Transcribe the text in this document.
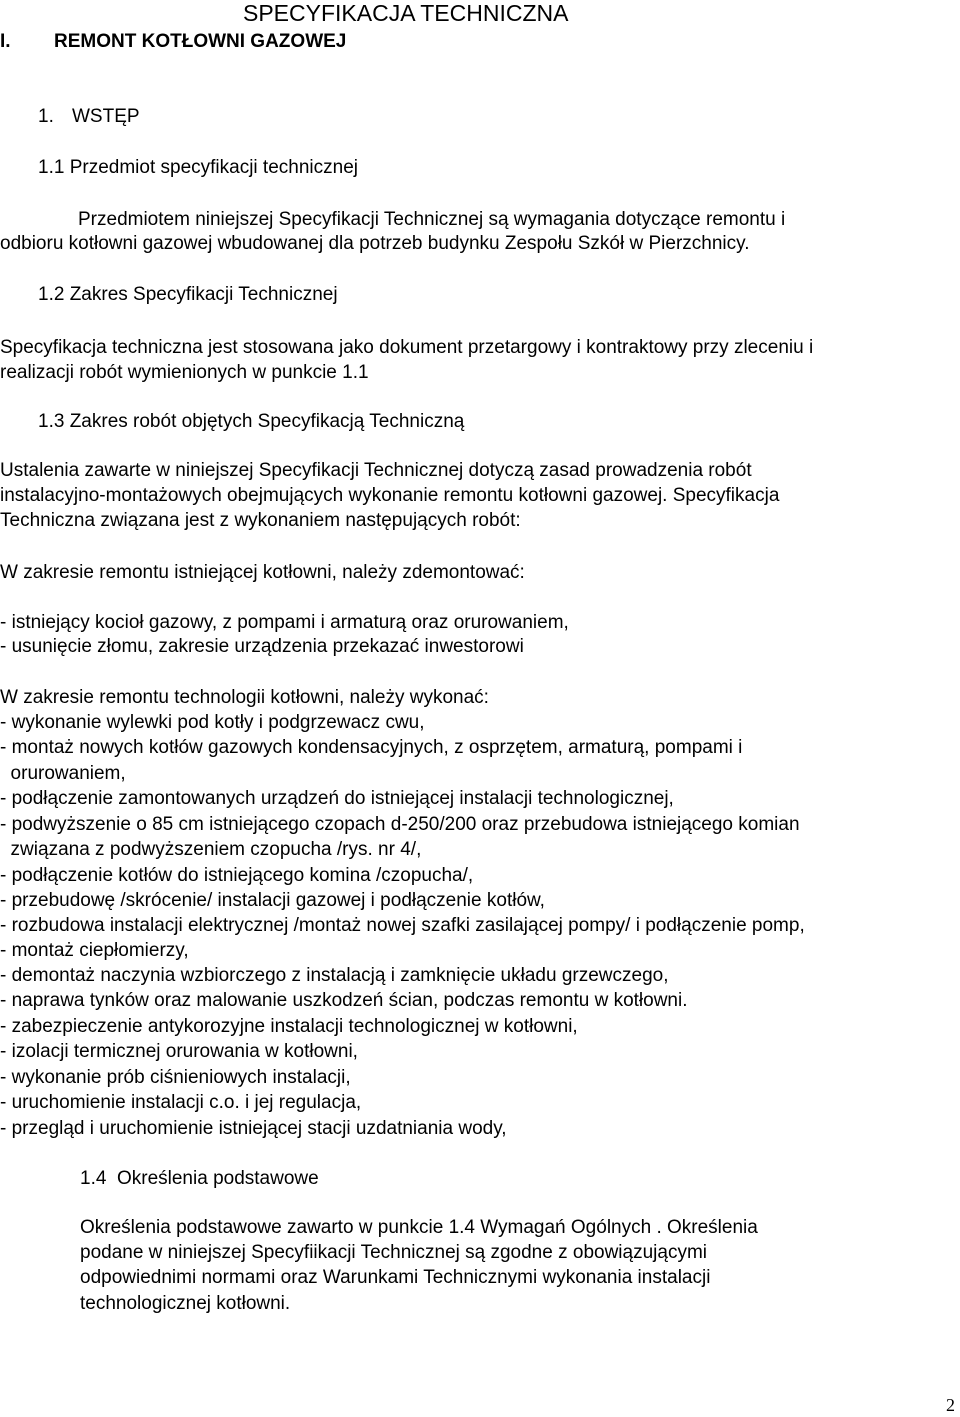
SPECYFIKACJA TECHNICZNA
I. REMONT KOTŁOWNI GAZOWEJ
1. WSTĘP
1.1 Przedmiot specyfikacji technicznej
Przedmiotem niniejszej Specyfikacji Technicznej są wymagania dotyczące remontu i
odbioru kotłowni gazowej wbudowanej dla potrzeb budynku Zespołu Szkół w Pierzchnicy.
1.2 Zakres Specyfikacji Technicznej
Specyfikacja techniczna jest stosowana jako dokument przetargowy i kontraktowy przy zleceniu i
realizacji robót wymienionych w punkcie 1.1
1.3 Zakres robót objętych Specyfikacją Techniczną
Ustalenia zawarte w niniejszej Specyfikacji Technicznej dotyczą zasad prowadzenia robót
instalacyjno-montażowych obejmujących wykonanie remontu kotłowni gazowej. Specyfikacja
Techniczna związana jest z wykonaniem następujących robót:
W zakresie remontu istniejącej kotłowni, należy zdemontować:
- istniejący kocioł gazowy, z pompami i armaturą oraz orurowaniem,
- usunięcie złomu, zakresie urządzenia przekazać inwestorowi
W zakresie remontu technologii kotłowni, należy wykonać:
- wykonanie wylewki pod kotły i podgrzewacz cwu,
- montaż nowych kotłów gazowych kondensacyjnych, z osprzętem, armaturą, pompami i
orurowaniem,
- podłączenie zamontowanych urządzeń do istniejącej instalacji technologicznej,
- podwyższenie o 85 cm istniejącego czopach d-250/200 oraz przebudowa istniejącego komian
związana z podwyższeniem czopucha /rys. nr 4/,
- podłączenie kotłów do istniejącego komina /czopucha/,
- przebudowę /skrócenie/ instalacji gazowej i podłączenie kotłów,
- rozbudowa instalacji elektrycznej /montaż nowej szafki zasilającej pompy/ i podłączenie pomp,
- montaż ciepłomierzy,
- demontaż naczynia wzbiorczego z instalacją i zamknięcie układu grzewczego,
- naprawa tynków oraz malowanie uszkodzeń ścian, podczas remontu w kotłowni.
- zabezpieczenie antykorozyjne instalacji technologicznej w kotłowni,
- izolacji termicznej orurowania w kotłowni,
- wykonanie prób ciśnieniowych instalacji,
- uruchomienie instalacji c.o. i jej regulacja,
- przegląd i uruchomienie istniejącej stacji uzdatniania wody,
1.4  Określenia podstawowe
Określenia podstawowe zawarto w punkcie 1.4 Wymagań Ogólnych . Określenia
podane w niniejszej Specyfiikacji Technicznej są zgodne z obowiązującymi
odpowiednimi normami oraz Warunkami Technicznymi wykonania instalacji
technologicznej kotłowni.
2
